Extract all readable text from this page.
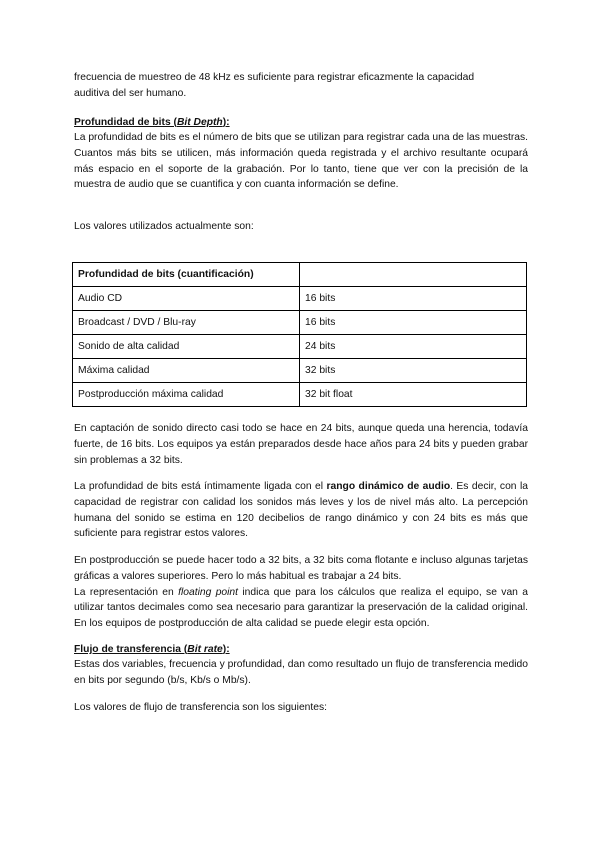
frecuencia de muestreo de 48 kHz es suficiente para registrar eficazmente la capacidad
auditiva del ser humano.

Profundidad de bits (Bit Depth):

La profundidad de bits es el número de bits que se utilizan para registrar cada una de las muestras. Cuantos más bits se utilicen, más información queda registrada y el archivo resultante ocupará más espacio en el soporte de la grabación. Por lo tanto, tiene que ver con la precisión de la muestra de audio que se cuantifica y con cuanta información se define.

Los valores utilizados actualmente son:

Profundidad de bits (cuantificación)	
Audio CD	16 bits
Broadcast / DVD / Blu-ray	16 bits
Sonido de alta calidad	24 bits
Máxima calidad	32 bits
Postproducción máxima calidad	32 bit float

En captación de sonido directo casi todo se hace en 24 bits, aunque queda una herencia, todavía fuerte, de 16 bits. Los equipos ya están preparados desde hace años para 24 bits y pueden grabar sin problemas a 32 bits.

La profundidad de bits está íntimamente ligada con el rango dinámico de audio. Es decir, con la capacidad de registrar con calidad los sonidos más leves y los de nivel más alto. La percepción humana del sonido se estima en 120 decibelios de rango dinámico y con 24 bits es más que suficiente para registrar estos valores.

En postproducción se puede hacer todo a 32 bits, a 32 bits coma flotante e incluso algunas tarjetas gráficas a valores superiores. Pero lo más habitual es trabajar a 24 bits.
La representación en floating point indica que para los cálculos que realiza el equipo, se van a utilizar tantos decimales como sea necesario para garantizar la preservación de la calidad original. En los equipos de postproducción de alta calidad se puede elegir esta opción.

Flujo de transferencia (Bit rate):

Estas dos variables, frecuencia y profundidad, dan como resultado un flujo de transferencia medido en bits por segundo (b/s, Kb/s o Mb/s).

Los valores de flujo de transferencia son los siguientes:
